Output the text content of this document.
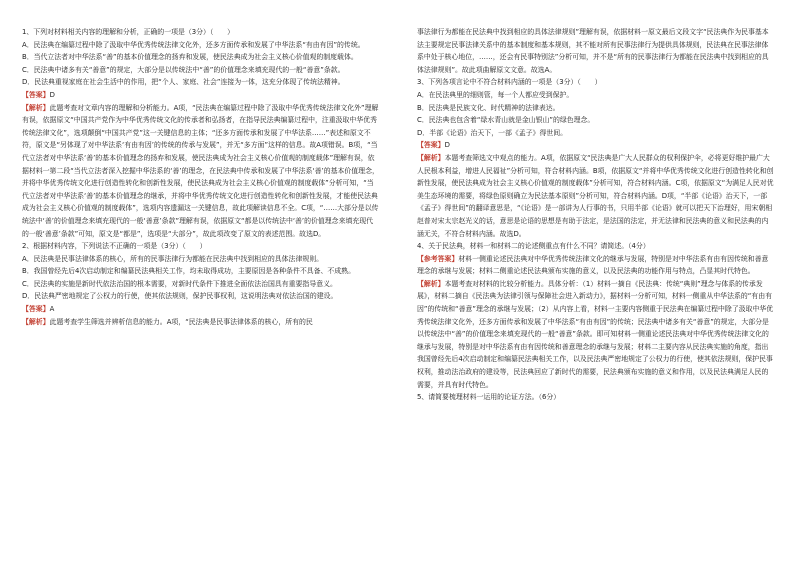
1、下列对材料相关内容的理解和分析，正确的一项是（3分）（　　）

A．民法典在编纂过程中除了汲取中华优秀传统法律文化外，还多方面传承和发展了中华法系“有由有因”的传统。

B．当代立法者对中华法系“善”的基本价值理念的扬弃和发展，使民法典成为社会主义核心价值观的制度载体。

C．民法典中诸多有关“善意”的规定，大部分是以传统法中“善”的价值理念来填充现代的一般“善意”条款。

D．民法典重视家庭在社会生活中的作用，把“个人、家庭、社会”连接为一体，这充分体现了传统法精神。

【答案】D

【解析】此题考查对文章内容的理解和分析能力。A项，“民法典在编纂过程中除了汲取中华优秀传统法律文化外”理解有误，依据原文“中国共产党作为中华优秀传统文化的传承者和弘扬者，在指导民法典编纂过程中，注重汲取中华优秀传统法律文化”，选项颠倒“中国共产党”这一关键信息的主体；“还多方面传承和发展了中华法系……”表述和原文不符，原文是“另体现了对中华法系‘有由有因’的传统的传承与发展”，并无“多方面”这样的信息。故A项错误。B项，“当代立法者对中华法系‘善’的基本价值理念的扬弃和发展，使民法典成为社会主义核心价值观的制度载体”理解有误，依据材料一第二段“当代立法者深入挖掘中华法系的‘善’的理念，在民法典中传承和发展了中华法系‘善’的基本价值理念，并将中华优秀传统文化进行创造性转化和创新性发展，使民法典成为社会主义核心价值观的制度载体”分析可知，“当代立法者对中华法系‘善’的基本价值理念的继承，并将中华优秀传统文化进行创造性转化和创新性发展，才能使民法典成为社会主义核心价值观的制度载体”，选项内容遗漏这一关键信息，故此项解读信息不全。C项，“……大部分是以传统法中‘善’的价值理念来填充现代的一般‘善意’条款”理解有误，依据原文“都是以传统法中‘善’的价值理念来填充现代的一般‘善意’条款”可知，原文是“都是”，选项是“大部分”，故此项改变了原文的表述范围。故选D。

2、根据材料内容，下列说法不正确的一项是（3分）（　　）

A．民法典是民事法律体系的核心，所有的民事法律行为都能在民法典中找到相应的具体法律规则。

B．我国曾经先后4次启动制定和编纂民法典相关工作，均未取得成功，主要原因是各种条件不具备、不成熟。

C．民法典的实施是新时代依法治国的根本需要，对新时代条件下推进全面依法治国具有重要指导意义。

D．民法典严密地规定了公权力的行使，使其依法规则，保护民事权利，这说明法典对依法治国的建设。

【答案】A

【解析】此题考查学生筛选并辨析信息的能力。A项，“民法典是民事法律体系的核心，所有的民

事法律行为都能在民法典中找到相应的具体法律规则”理解有误，依据材料一原文最后文段文字“民法典作为民事基本法主要规定民事法律关系中的基本制度和基本规则，其不能对所有民事法律行为提供具体规则，民法典在民事法律体系中处于核心地位，……，还会有民事特别法”分析可知，并不是“所有的民事法律行为都能在民法典中找到相应的具体法律规则”。故此项曲解原文文意。故选A。

3、下列各项言论中不符合材料内涵的一项是（3分）（　　）

A．在民法典里的细则管，每一个人都应受到保护。

B．民法典是民族文化、时代精神的法律表达。

C．民法典也包含着“绿水青山就是金山银山”的绿色理念。

D．半部《论语》治天下，一部《孟子》得世间。

【答案】D

【解析】本题考查筛选文中观点的能力。A项，依据原文“民法典是广大人民群众的权利保护伞，必将更好维护最广大人民根本利益，增进人民福祉”分析可知，符合材料内涵。B项，依据原文“并将中华优秀传统文化进行创造性转化和创新性发展，使民法典成为社会主义核心价值观的制度载体”分析可知，符合材料内涵。C项，依据原文“为满足人民对优美生态环境的需要，将绿色原则确立为民法基本原则”分析可知，符合材料内涵。D项，“半部《论语》治天下，一部《孟子》得世间”的翻译意思是，“《论语》是一部讲为人行事的书，只用半部《论语》就可以把天下治理好，用宋朝相赵普对宋太宗赵光义的话，意思是论语的思想是有助于法定，是法国的法定，并无法律和民法典的意义和民法典的内涵无关，不符合材料内涵。故选D。

4、关于民法典，材料一和材料二的论述侧重点有什么不同？请简述。（4分）

【参考答案】材料一侧重论述民法典对中华优秀传统法律文化的继承与发展，特别是对中华法系有由有因传统和善意理念的承继与发展；材料二侧重论述民法典颁布实施的意义，以及民法典的功能作用与特点，凸显其时代特色。

【解析】本题考查对材料的比较分析能力。具体分析：（1）材料一摘自《民法典：传统“典则”理念与体系的传承发展》，材料二摘自《民法典为法律引领与保障社会进入新动力》，据材料一分析可知，材料一侧重从中华法系的“有由有因”的传统和“善意”理念的承继与发展；（2）从内容上看，材料一主要内容侧重于民法典在编纂过程中除了汲取中华优秀传统法律文化外，还多方面传承和发展了中华法系“有由有因”的传统；民法典中诸多有关“善意”的规定，大部分是以传统法中“善”的价值理念来填充现代的一般“善意”条款。即可知材料一侧重论述民法典对中华优秀传统法律文化的继承与发展，特别是对中华法系有由有因传统和善意理念的承继与发展；材料二主要内容从民法典实施的角度，指出我国曾经先后4次启动制定和编纂民法典相关工作，以及民法典严密地规定了公权力的行使，使其依法规则，保护民事权利，推动法治政府的建设等，民法典回应了新时代的需要，民法典颁布实施的意义和作用，以及民法典满足人民的需要，并具有时代特色。

5、请简要梳理材料一运用的论证方法。（6分）
